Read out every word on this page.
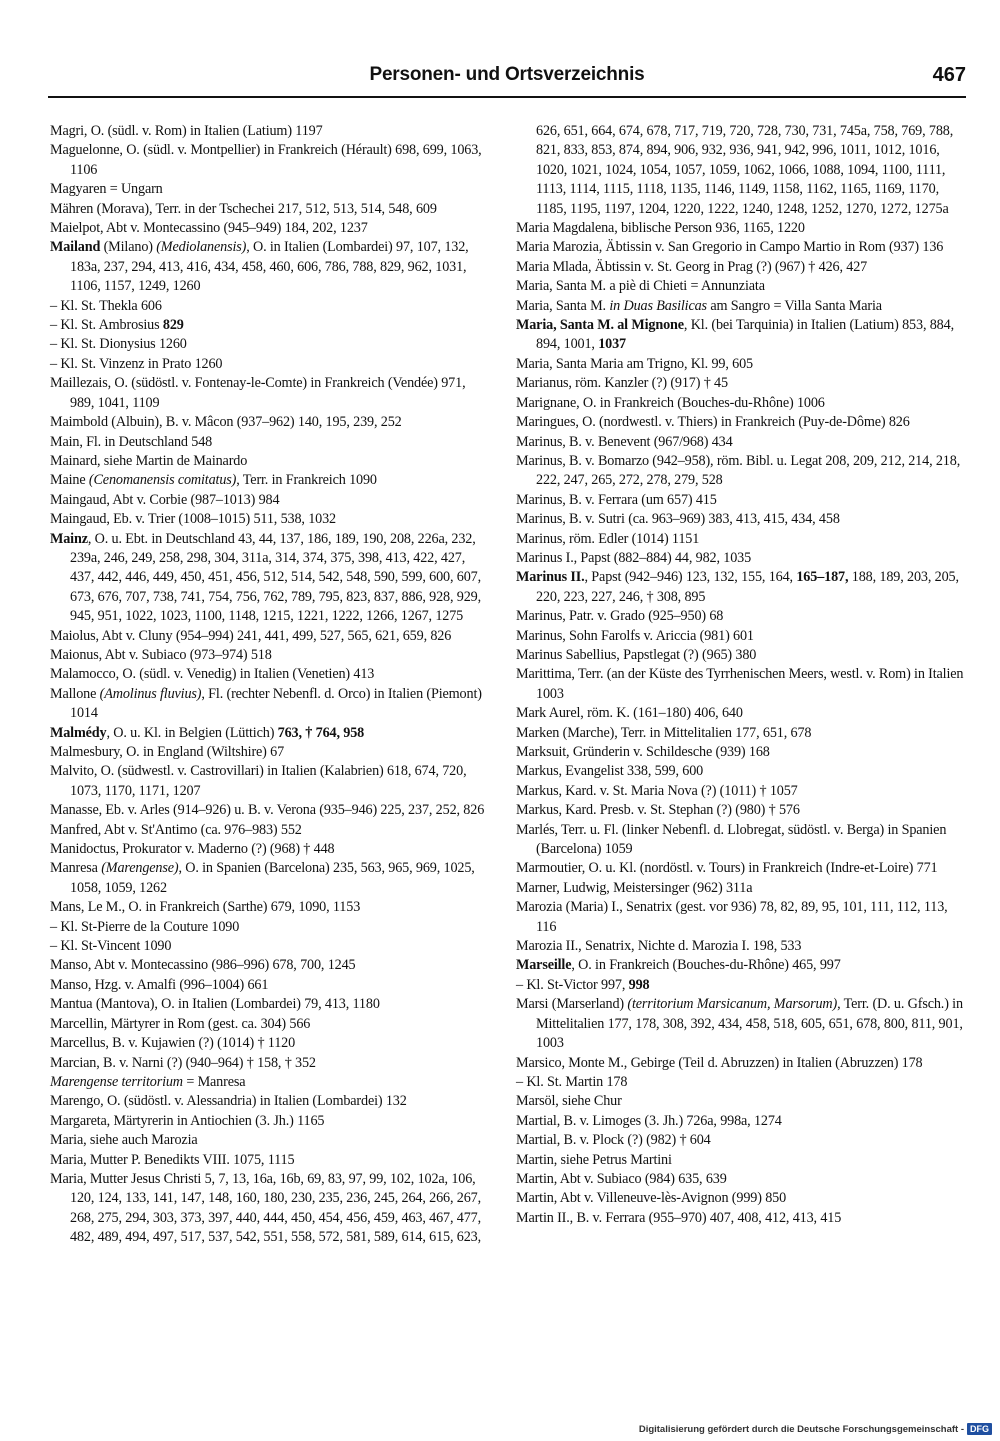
Personen- und Ortsverzeichnis	467
Magri, O. (südl. v. Rom) in Italien (Latium) 1197
Maguelonne, O. (südl. v. Montpellier) in Frankreich (Hérault) 698, 699, 1063, 1106
Magyaren = Ungarn
Mähren (Morava), Terr. in der Tschechei 217, 512, 513, 514, 548, 609
Maielpot, Abt v. Montecassino (945–949) 184, 202, 1237
Mailand (Milano) (Mediolanensis), O. in Italien (Lombardei) 97, 107, 132, 183a, 237, 294, 413, 416, 434, 458, 460, 606, 786, 788, 829, 962, 1031, 1106, 1157, 1249, 1260
– Kl. St. Thekla 606
– Kl. St. Ambrosius 829
– Kl. St. Dionysius 1260
– Kl. St. Vinzenz in Prato 1260
Maillezais, O. (südöstl. v. Fontenay-le-Comte) in Frankreich (Vendée) 971, 989, 1041, 1109
Maimbold (Albuin), B. v. Mâcon (937–962) 140, 195, 239, 252
Main, Fl. in Deutschland 548
Mainard, siehe Martin de Mainardo
Maine (Cenomanensis comitatus), Terr. in Frankreich 1090
Maingaud, Abt v. Corbie (987–1013) 984
Maingaud, Eb. v. Trier (1008–1015) 511, 538, 1032
Mainz, O. u. Ebt. in Deutschland 43, 44, 137, 186, 189, 190, 208, 226a, 232, 239a, 246, 249, 258, 298, 304, 311a, 314, 374, 375, 398, 413, 422, 427, 437, 442, 446, 449, 450, 451, 456, 512, 514, 542, 548, 590, 599, 600, 607, 673, 676, 707, 738, 741, 754, 756, 762, 789, 795, 823, 837, 886, 928, 929, 945, 951, 1022, 1023, 1100, 1148, 1215, 1221, 1222, 1266, 1267, 1275
Maiolus, Abt v. Cluny (954–994) 241, 441, 499, 527, 565, 621, 659, 826
Maionus, Abt v. Subiaco (973–974) 518
Malamocco, O. (südl. v. Venedig) in Italien (Venetien) 413
Mallone (Amolinus fluvius), Fl. (rechter Nebenfl. d. Orco) in Italien (Piemont) 1014
Malmédy, O. u. Kl. in Belgien (Lüttich) 763, † 764, 958
Malmesbury, O. in England (Wiltshire) 67
Malvito, O. (südwestl. v. Castrovillari) in Italien (Kalabrien) 618, 674, 720, 1073, 1170, 1171, 1207
Manasse, Eb. v. Arles (914–926) u. B. v. Verona (935–946) 225, 237, 252, 826
Manfred, Abt v. St'Antimo (ca. 976–983) 552
Manidoctus, Prokurator v. Maderno (?) (968) † 448
Manresa (Marengense), O. in Spanien (Barcelona) 235, 563, 965, 969, 1025, 1058, 1059, 1262
Mans, Le M., O. in Frankreich (Sarthe) 679, 1090, 1153
– Kl. St-Pierre de la Couture 1090
– Kl. St-Vincent 1090
Manso, Abt v. Montecassino (986–996) 678, 700, 1245
Manso, Hzg. v. Amalfi (996–1004) 661
Mantua (Mantova), O. in Italien (Lombardei) 79, 413, 1180
Marcellin, Märtyrer in Rom (gest. ca. 304) 566
Marcellus, B. v. Kujawien (?) (1014) † 1120
Marcian, B. v. Narni (?) (940–964) † 158, † 352
Marengense territorium = Manresa
Marengo, O. (südöstl. v. Alessandria) in Italien (Lombardei) 132
Margareta, Märtyrerin in Antiochien (3. Jh.) 1165
Maria, siehe auch Marozia
Maria, Mutter P. Benedikts VIII. 1075, 1115
Maria, Mutter Jesus Christi 5, 7, 13, 16a, 16b, 69, 83, 97, 99, 102, 102a, 106, 120, 124, 133, 141, 147, 148, 160, 180, 230, 235, 236, 245, 264, 266, 267, 268, 275, 294, 303, 373, 397, 440, 444, 450, 454, 456, 459, 463, 467, 477, 482, 489, 494, 497, 517, 537, 542, 551, 558, 572, 581, 589, 614, 615, 623,
626, 651, 664, 674, 678, 717, 719, 720, 728, 730, 731, 745a, 758, 769, 788, 821, 833, 853, 874, 894, 906, 932, 936, 941, 942, 996, 1011, 1012, 1016, 1020, 1021, 1024, 1054, 1057, 1059, 1062, 1066, 1088, 1094, 1100, 1111, 1113, 1114, 1115, 1118, 1135, 1146, 1149, 1158, 1162, 1165, 1169, 1170, 1185, 1195, 1197, 1204, 1220, 1222, 1240, 1248, 1252, 1270, 1272, 1275a
Maria Magdalena, biblische Person 936, 1165, 1220
Maria Marozia, Äbtissin v. San Gregorio in Campo Martio in Rom (937) 136
Maria Mlada, Äbtissin v. St. Georg in Prag (?) (967) † 426, 427
Maria, Santa M. a piè di Chieti = Annunziata
Maria, Santa M. in Duas Basilicas am Sangro = Villa Santa Maria
Maria, Santa M. al Mignone, Kl. (bei Tarquinia) in Italien (Latium) 853, 884, 894, 1001, 1037
Maria, Santa Maria am Trigno, Kl. 99, 605
Marianus, röm. Kanzler (?) (917) † 45
Marignane, O. in Frankreich (Bouches-du-Rhône) 1006
Maringues, O. (nordwestl. v. Thiers) in Frankreich (Puy-de-Dôme) 826
Marinus, B. v. Benevent (967/968) 434
Marinus, B. v. Bomarzo (942–958), röm. Bibl. u. Legat 208, 209, 212, 214, 218, 222, 247, 265, 272, 278, 279, 528
Marinus, B. v. Ferrara (um 657) 415
Marinus, B. v. Sutri (ca. 963–969) 383, 413, 415, 434, 458
Marinus, röm. Edler (1014) 1151
Marinus I., Papst (882–884) 44, 982, 1035
Marinus II., Papst (942–946) 123, 132, 155, 164, 165–187, 188, 189, 203, 205, 220, 223, 227, 246, † 308, 895
Marinus, Patr. v. Grado (925–950) 68
Marinus, Sohn Farolfs v. Ariccia (981) 601
Marinus Sabellius, Papstlegat (?) (965) 380
Marittima, Terr. (an der Küste des Tyrrhenischen Meers, westl. v. Rom) in Italien 1003
Mark Aurel, röm. K. (161–180) 406, 640
Marken (Marche), Terr. in Mittelitalien 177, 651, 678
Marksuit, Gründerin v. Schildesche (939) 168
Markus, Evangelist 338, 599, 600
Markus, Kard. v. St. Maria Nova (?) (1011) † 1057
Markus, Kard. Presb. v. St. Stephan (?) (980) † 576
Marlés, Terr. u. Fl. (linker Nebenfl. d. Llobregat, südöstl. v. Berga) in Spanien (Barcelona) 1059
Marmoutier, O. u. Kl. (nordöstl. v. Tours) in Frankreich (Indre-et-Loire) 771
Marner, Ludwig, Meistersinger (962) 311a
Marozia (Maria) I., Senatrix (gest. vor 936) 78, 82, 89, 95, 101, 111, 112, 113, 116
Marozia II., Senatrix, Nichte d. Marozia I. 198, 533
Marseille, O. in Frankreich (Bouches-du-Rhône) 465, 997
– Kl. St-Victor 997, 998
Marsi (Marserland) (territorium Marsicanum, Marsorum), Terr. (D. u. Gfsch.) in Mittelitalien 177, 178, 308, 392, 434, 458, 518, 605, 651, 678, 800, 811, 901, 1003
Marsico, Monte M., Gebirge (Teil d. Abruzzen) in Italien (Abruzzen) 178
– Kl. St. Martin 178
Marsöl, siehe Chur
Martial, B. v. Limoges (3. Jh.) 726a, 998a, 1274
Martial, B. v. Plock (?) (982) † 604
Martin, siehe Petrus Martini
Martin, Abt v. Subiaco (984) 635, 639
Martin, Abt v. Villeneuve-lès-Avignon (999) 850
Martin II., B. v. Ferrara (955–970) 407, 408, 412, 413, 415
Digitalisierung gefördert durch die Deutsche Forschungsgemeinschaft - DFG
